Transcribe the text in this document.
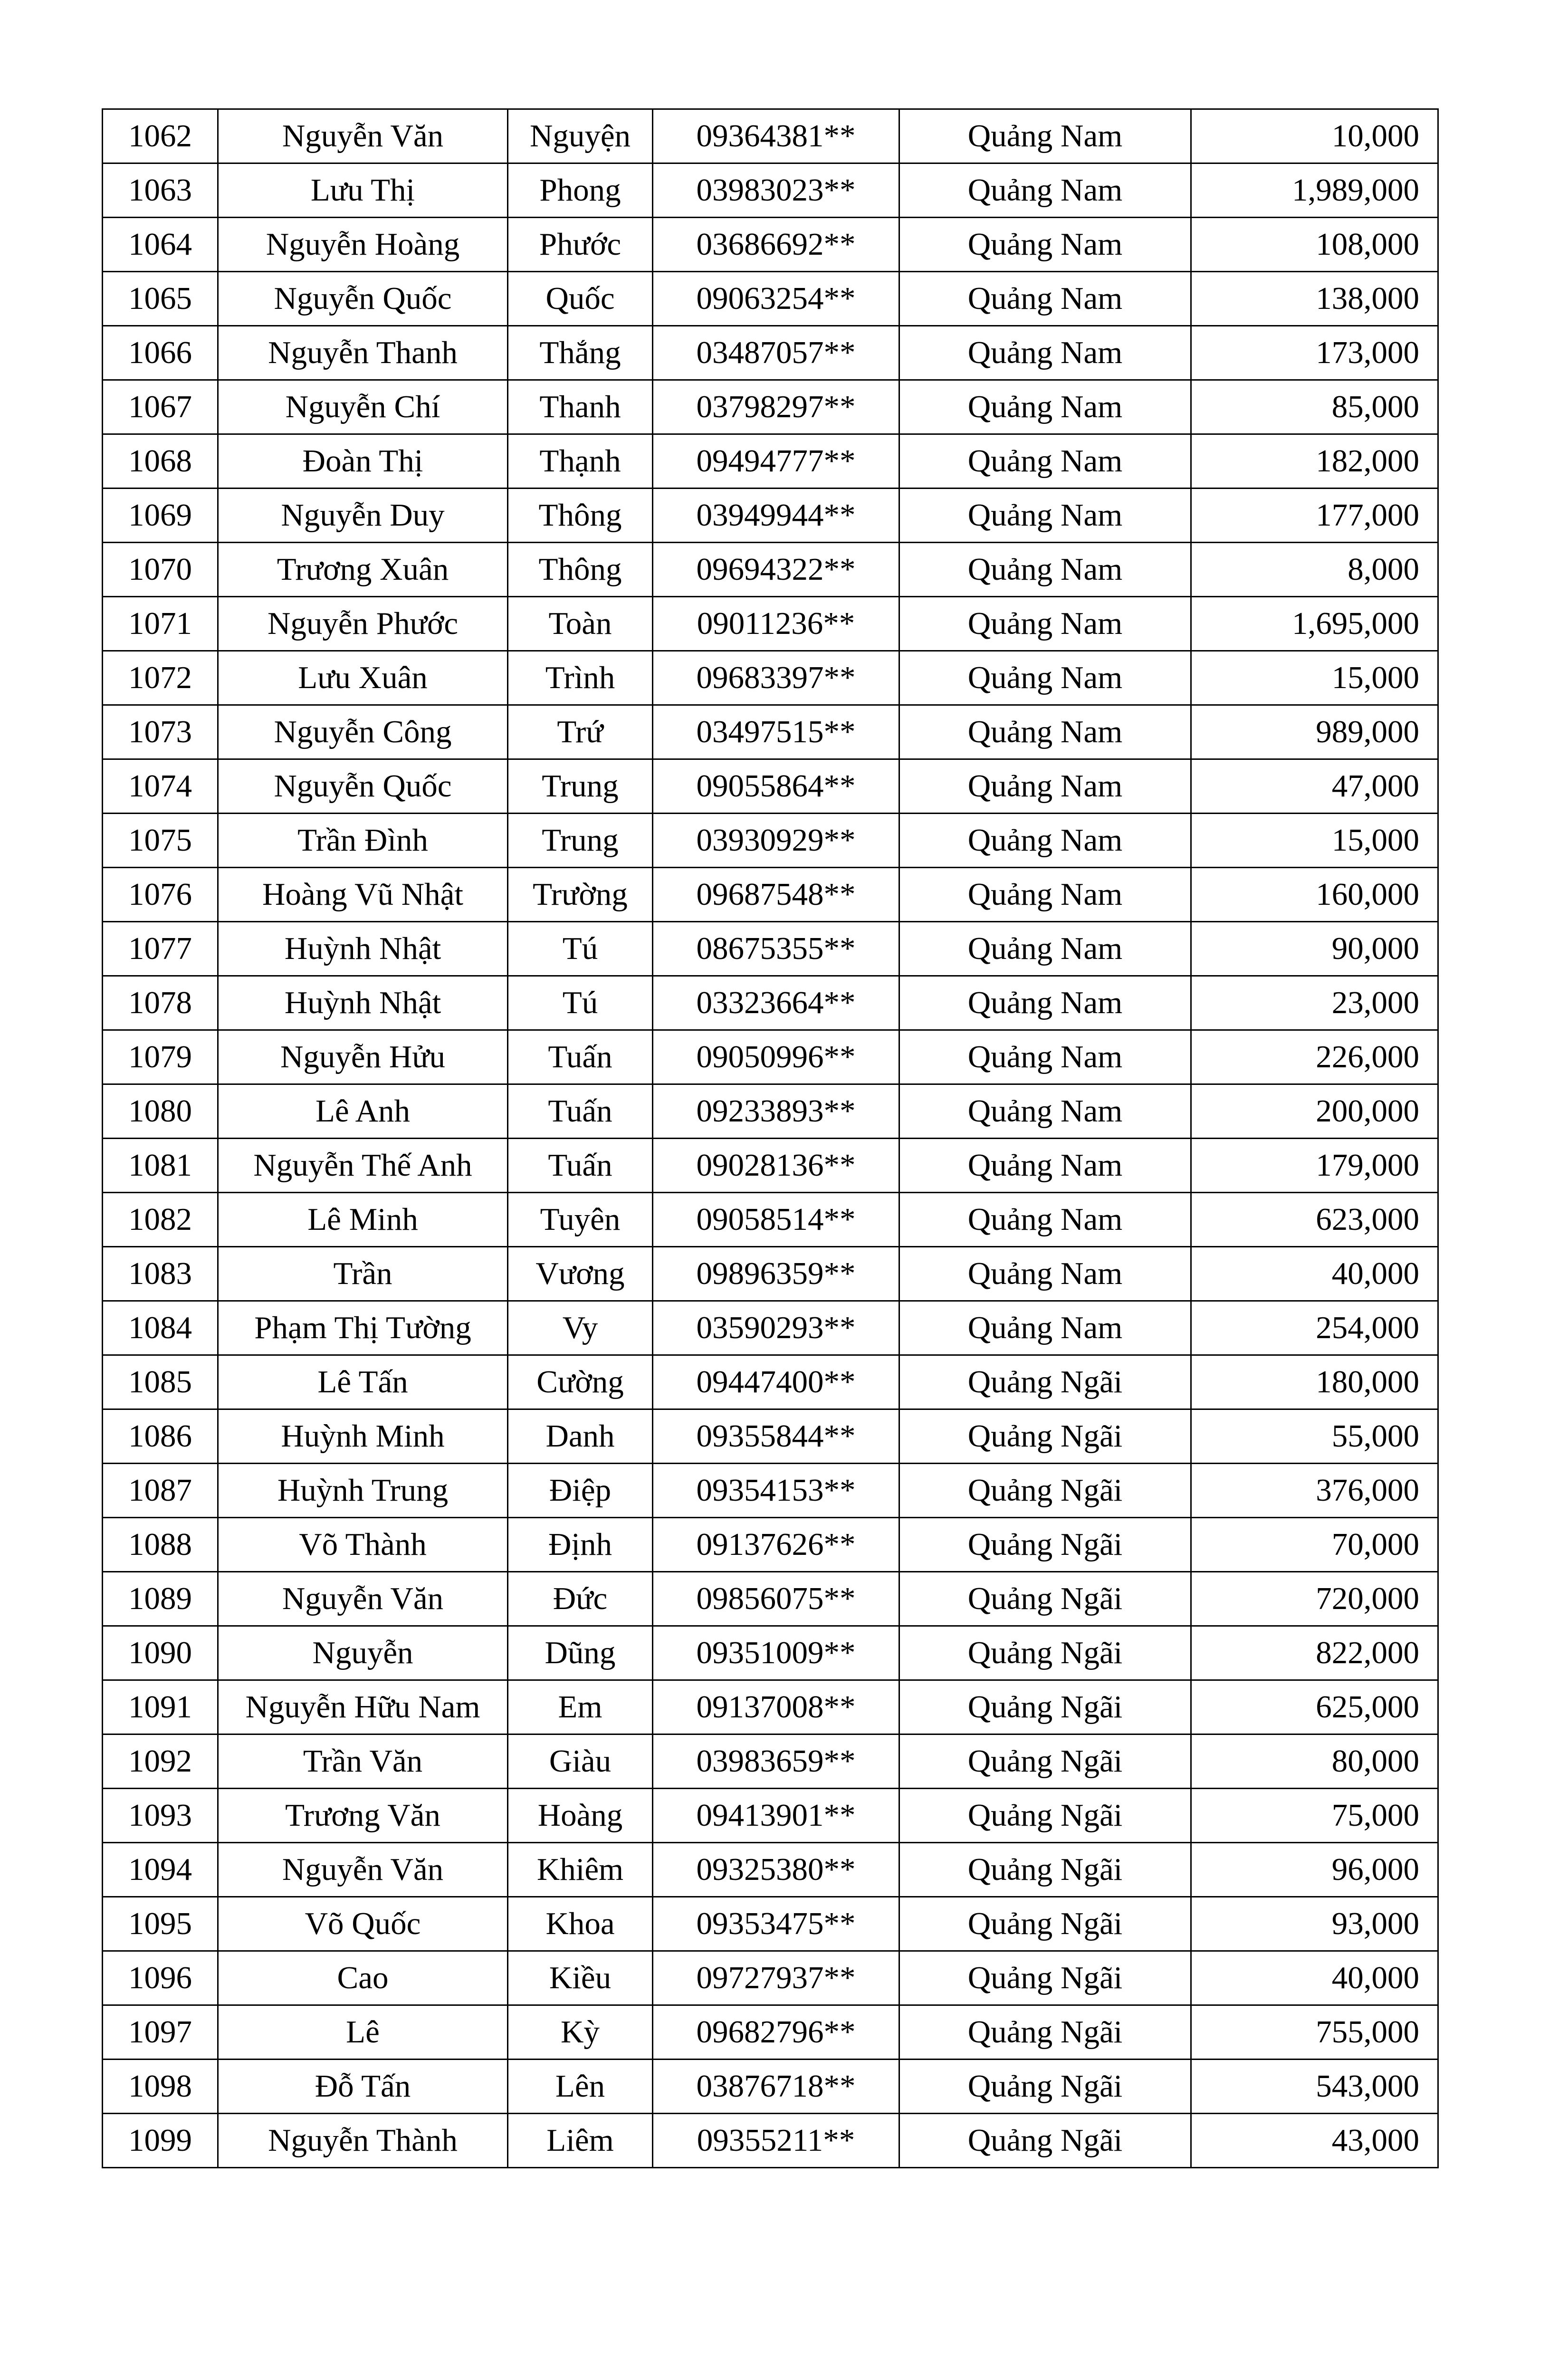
1062	Nguyễn Văn	Nguyện	09364381**	Quảng Nam	10,000
1063	Lưu Thị	Phong	03983023**	Quảng Nam	1,989,000
1064	Nguyễn Hoàng	Phước	03686692**	Quảng Nam	108,000
1065	Nguyễn Quốc	Quốc	09063254**	Quảng Nam	138,000
1066	Nguyễn Thanh	Thắng	03487057**	Quảng Nam	173,000
1067	Nguyễn Chí	Thanh	03798297**	Quảng Nam	85,000
1068	Đoàn Thị	Thạnh	09494777**	Quảng Nam	182,000
1069	Nguyễn Duy	Thông	03949944**	Quảng Nam	177,000
1070	Trương Xuân	Thông	09694322**	Quảng Nam	8,000
1071	Nguyễn Phước	Toàn	09011236**	Quảng Nam	1,695,000
1072	Lưu Xuân	Trình	09683397**	Quảng Nam	15,000
1073	Nguyễn Công	Trứ	03497515**	Quảng Nam	989,000
1074	Nguyễn Quốc	Trung	09055864**	Quảng Nam	47,000
1075	Trần Đình	Trung	03930929**	Quảng Nam	15,000
1076	Hoàng Vũ Nhật	Trường	09687548**	Quảng Nam	160,000
1077	Huỳnh Nhật	Tú	08675355**	Quảng Nam	90,000
1078	Huỳnh Nhật	Tú	03323664**	Quảng Nam	23,000
1079	Nguyễn Hửu	Tuấn	09050996**	Quảng Nam	226,000
1080	Lê Anh	Tuấn	09233893**	Quảng Nam	200,000
1081	Nguyễn Thế Anh	Tuấn	09028136**	Quảng Nam	179,000
1082	Lê Minh	Tuyên	09058514**	Quảng Nam	623,000
1083	Trần	Vương	09896359**	Quảng Nam	40,000
1084	Phạm Thị Tường	Vy	03590293**	Quảng Nam	254,000
1085	Lê Tấn	Cường	09447400**	Quảng Ngãi	180,000
1086	Huỳnh Minh	Danh	09355844**	Quảng Ngãi	55,000
1087	Huỳnh Trung	Điệp	09354153**	Quảng Ngãi	376,000
1088	Võ Thành	Định	09137626**	Quảng Ngãi	70,000
1089	Nguyễn Văn	Đức	09856075**	Quảng Ngãi	720,000
1090	Nguyễn	Dũng	09351009**	Quảng Ngãi	822,000
1091	Nguyễn Hữu Nam	Em	09137008**	Quảng Ngãi	625,000
1092	Trần Văn	Giàu	03983659**	Quảng Ngãi	80,000
1093	Trương Văn	Hoàng	09413901**	Quảng Ngãi	75,000
1094	Nguyễn Văn	Khiêm	09325380**	Quảng Ngãi	96,000
1095	Võ Quốc	Khoa	09353475**	Quảng Ngãi	93,000
1096	Cao	Kiều	09727937**	Quảng Ngãi	40,000
1097	Lê	Kỳ	09682796**	Quảng Ngãi	755,000
1098	Đỗ Tấn	Lên	03876718**	Quảng Ngãi	543,000
1099	Nguyễn Thành	Liêm	09355211**	Quảng Ngãi	43,000
